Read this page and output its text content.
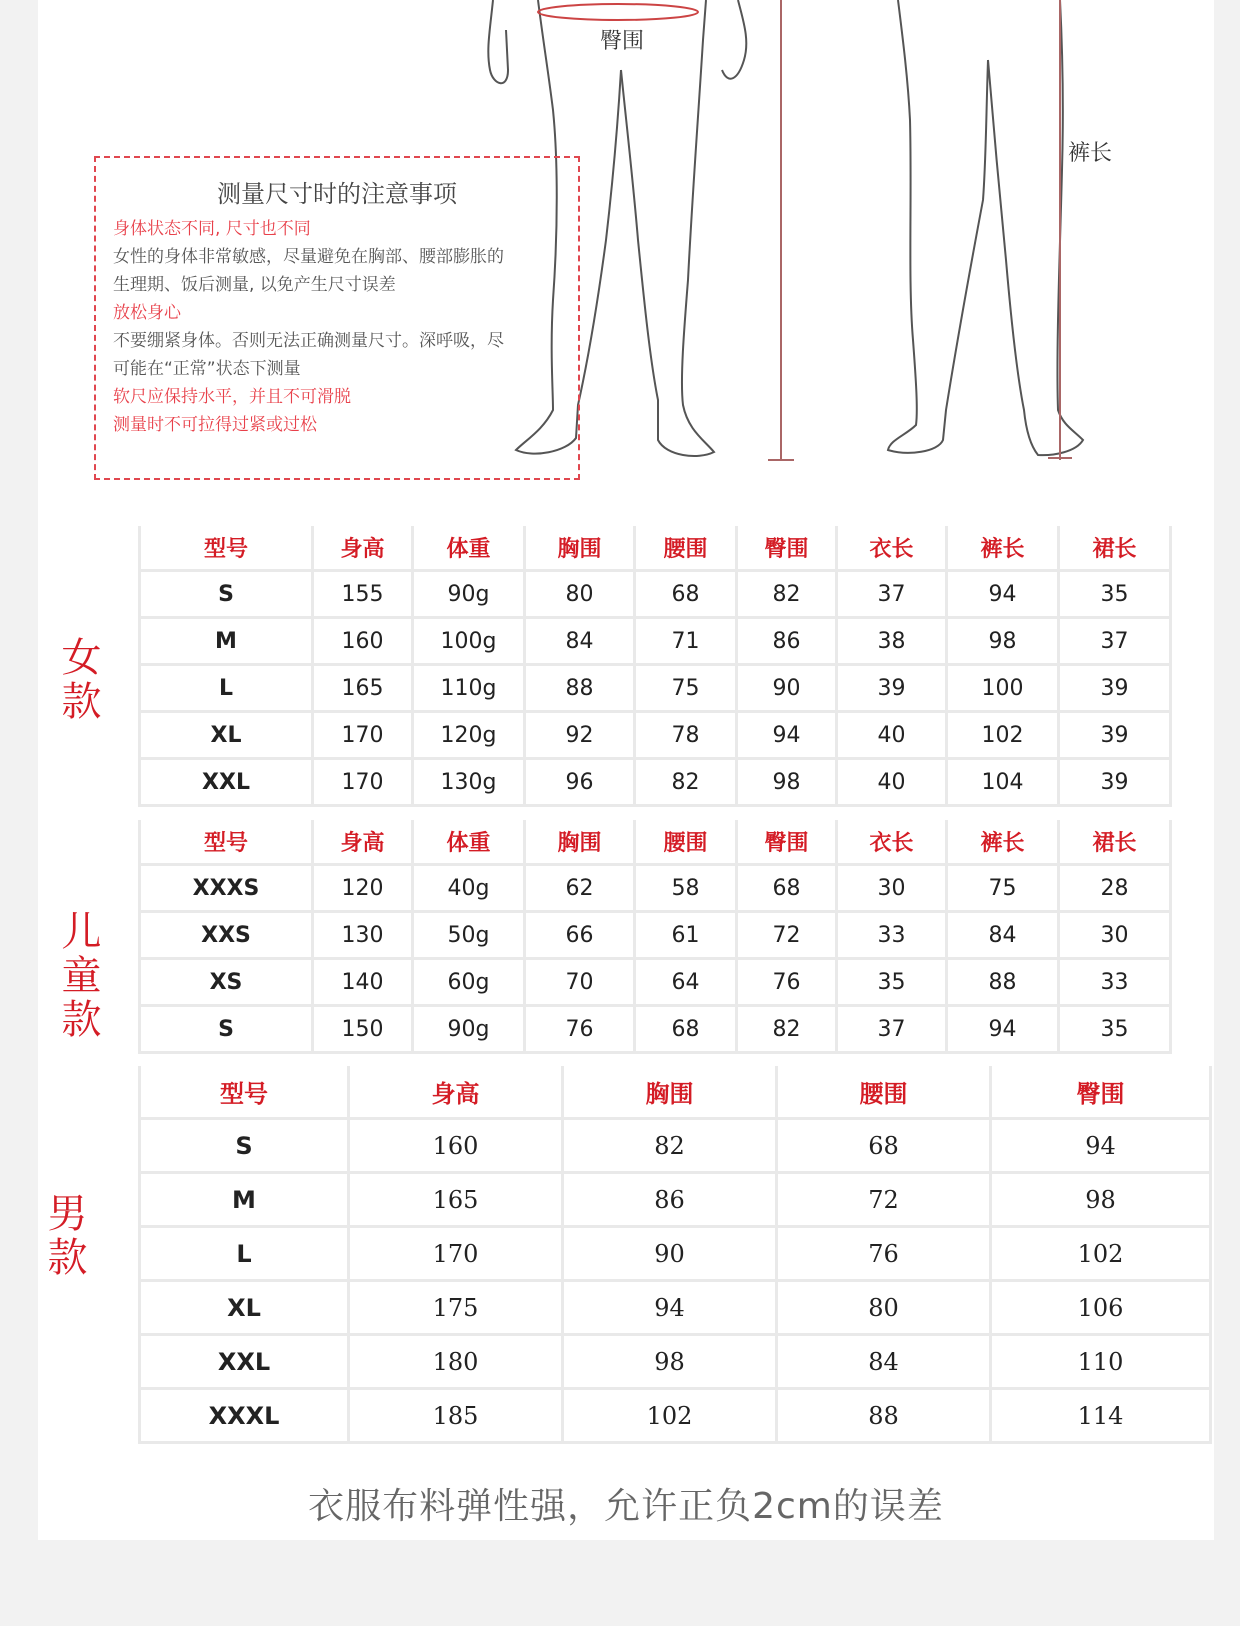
臀围
裤长
测量尺寸时的注意事项
身体状态不同, 尺寸也不同
女性的身体非常敏感，尽量避免在胸部、腰部膨胀的
生理期、饭后测量, 以免产生尺寸误差
放松身心
不要绷紧身体。否则无法正确测量尺寸。深呼吸，尽
可能在“正常”状态下测量
软尺应保持水平，并且不可滑脱
测量时不可拉得过紧或过松
女款
型号	身高	体重	胸围	腰围	臀围	衣长	裤长	裙长
S	155	90g	80	68	82	37	94	35
M	160	100g	84	71	86	38	98	37
L	165	110g	88	75	90	39	100	39
XL	170	120g	92	78	94	40	102	39
XXL	170	130g	96	82	98	40	104	39
儿童款
型号	身高	体重	胸围	腰围	臀围	衣长	裤长	裙长
XXXS	120	40g	62	58	68	30	75	28
XXS	130	50g	66	61	72	33	84	30
XS	140	60g	70	64	76	35	88	33
S	150	90g	76	68	82	37	94	35
男款
型号	身高	胸围	腰围	臀围
S	160	82	68	94
M	165	86	72	98
L	170	90	76	102
XL	175	94	80	106
XXL	180	98	84	110
XXXL	185	102	88	114
衣服布料弹性强，允许正负2cm的误差
